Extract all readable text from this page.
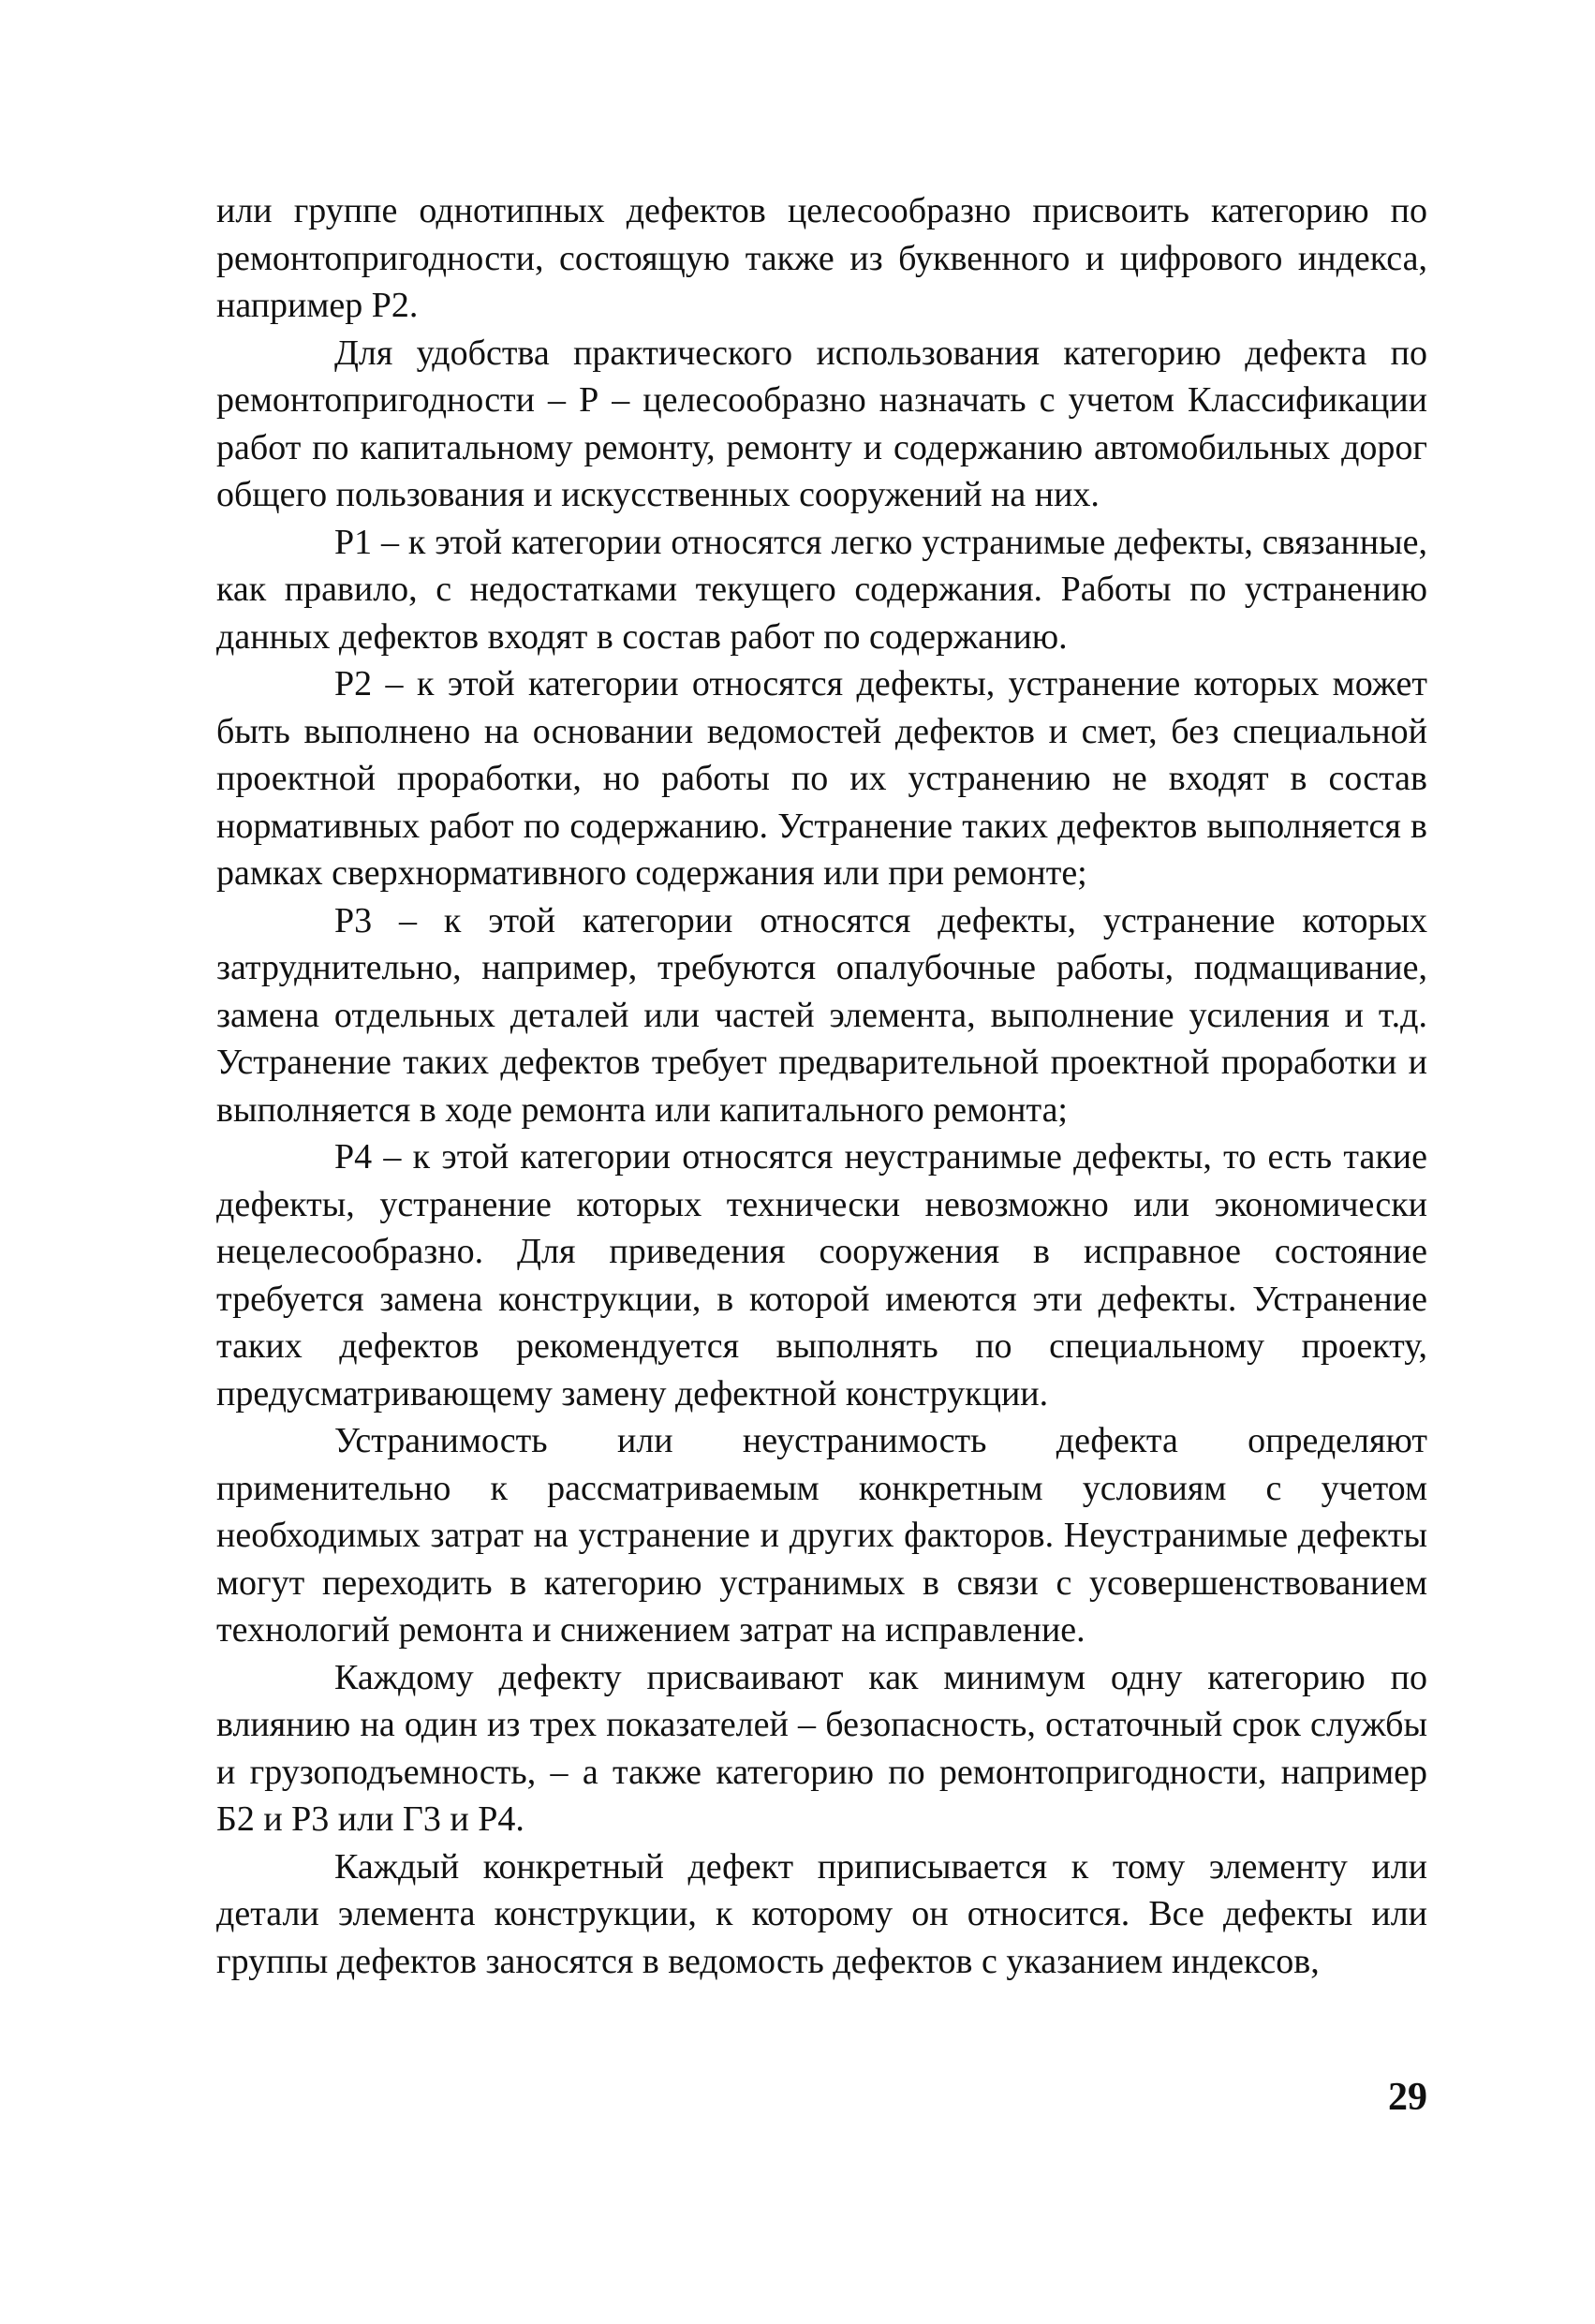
или группе однотипных дефектов целесообразно присвоить категорию по ремонтопригодности, состоящую также из буквенного и цифрового индекса, например Р2.

Для удобства практического использования категорию дефекта по ремонтопригодности – Р – целесообразно назначать с учетом Классификации работ по капитальному ремонту, ремонту и содержанию автомобильных дорог общего пользования и искусственных сооружений на них.

Р1 – к этой категории относятся легко устранимые дефекты, связанные, как правило, с недостатками текущего содержания. Работы по устранению данных дефектов входят в состав работ по содержанию.

Р2 – к этой категории относятся дефекты, устранение которых может быть выполнено на основании ведомостей дефектов и смет, без специальной проектной проработки, но работы по их устранению не входят в состав нормативных работ по содержанию. Устранение таких дефектов выполняется в рамках сверхнормативного содержания или при ремонте;

Р3 – к этой категории относятся дефекты, устранение которых затруднительно, например, требуются опалубочные работы, подмащивание, замена отдельных деталей или частей элемента, выполнение усиления и т.д. Устранение таких дефектов требует предварительной проектной проработки и выполняется в ходе ремонта или капитального ремонта;

Р4 – к этой категории относятся неустранимые дефекты, то есть такие дефекты, устранение которых технически невозможно или экономически нецелесообразно. Для приведения сооружения в исправное состояние требуется замена конструкции, в которой имеются эти дефекты. Устранение таких дефектов рекомендуется выполнять по специальному проекту, предусматривающему замену дефектной конструкции.

Устранимость или неустранимость дефекта определяют применительно к рассматриваемым конкретным условиям с учетом необходимых затрат на устранение и других факторов. Неустранимые дефекты могут переходить в категорию устранимых в связи с усовершенствованием технологий ремонта и снижением затрат на исправление.

Каждому дефекту присваивают как минимум одну категорию по влиянию на один из трех показателей – безопасность, остаточный срок службы и грузоподъемность, – а также категорию по ремонтопригодности, например Б2 и Р3 или Г3 и Р4.

Каждый конкретный дефект приписывается к тому элементу или детали элемента конструкции, к которому он относится. Все дефекты или группы дефектов заносятся в ведомость дефектов с указанием индексов,

29
